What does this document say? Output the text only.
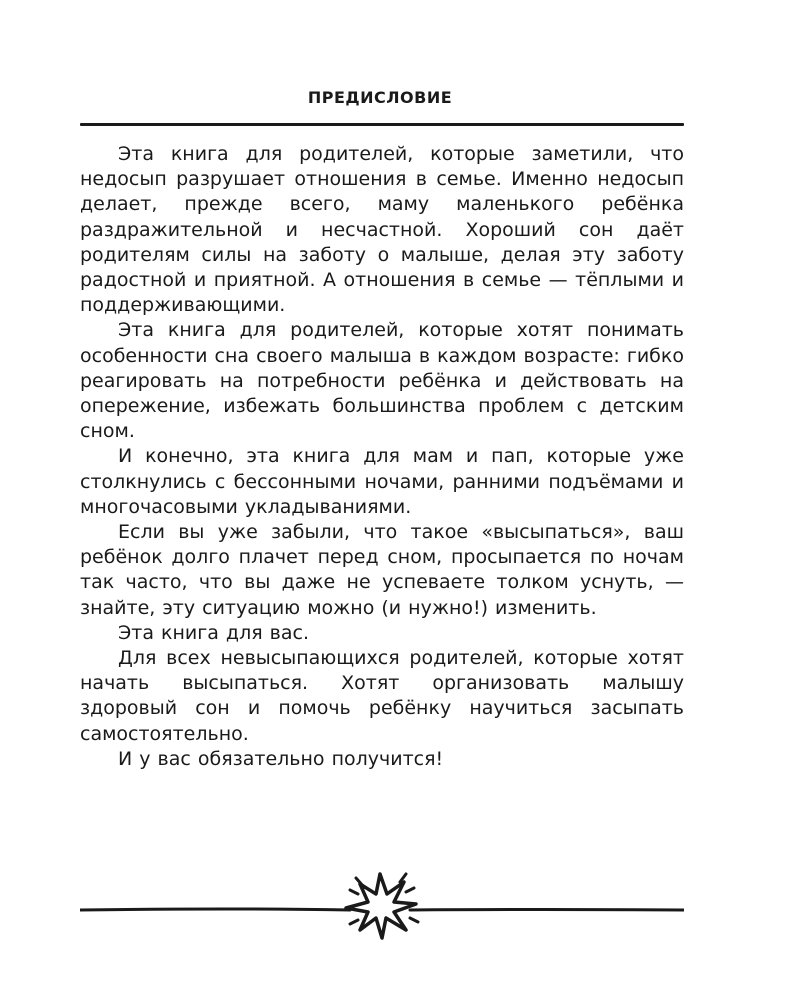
ПРЕДИСЛОВИЕ

Эта книга для родителей, которые заметили, что недосып разрушает отношения в семье. Именно недосып делает, прежде всего, маму маленького ребёнка раздражительной и несчастной. Хороший сон даёт родителям силы на заботу о малыше, делая эту заботу радостной и приятной. А отношения в семье — тёплыми и поддерживающими.

Эта книга для родителей, которые хотят понимать особенности сна своего малыша в каждом возрасте: гибко реагировать на потребности ребёнка и действовать на опережение, избежать большинства проблем с детским сном.

И конечно, эта книга для мам и пап, которые уже столкнулись с бессонными ночами, ранними подъёмами и многочасовыми укладываниями.

Если вы уже забыли, что такое «высыпаться», ваш ребёнок долго плачет перед сном, просыпается по ночам так часто, что вы даже не успеваете толком уснуть, — знайте, эту ситуацию можно (и нужно!) изменить.

Эта книга для вас.

Для всех невысыпающихся родителей, которые хотят начать высыпаться. Хотят организовать малышу здоровый сон и помочь ребёнку научиться засыпать самостоятельно.

И у вас обязательно получится!
